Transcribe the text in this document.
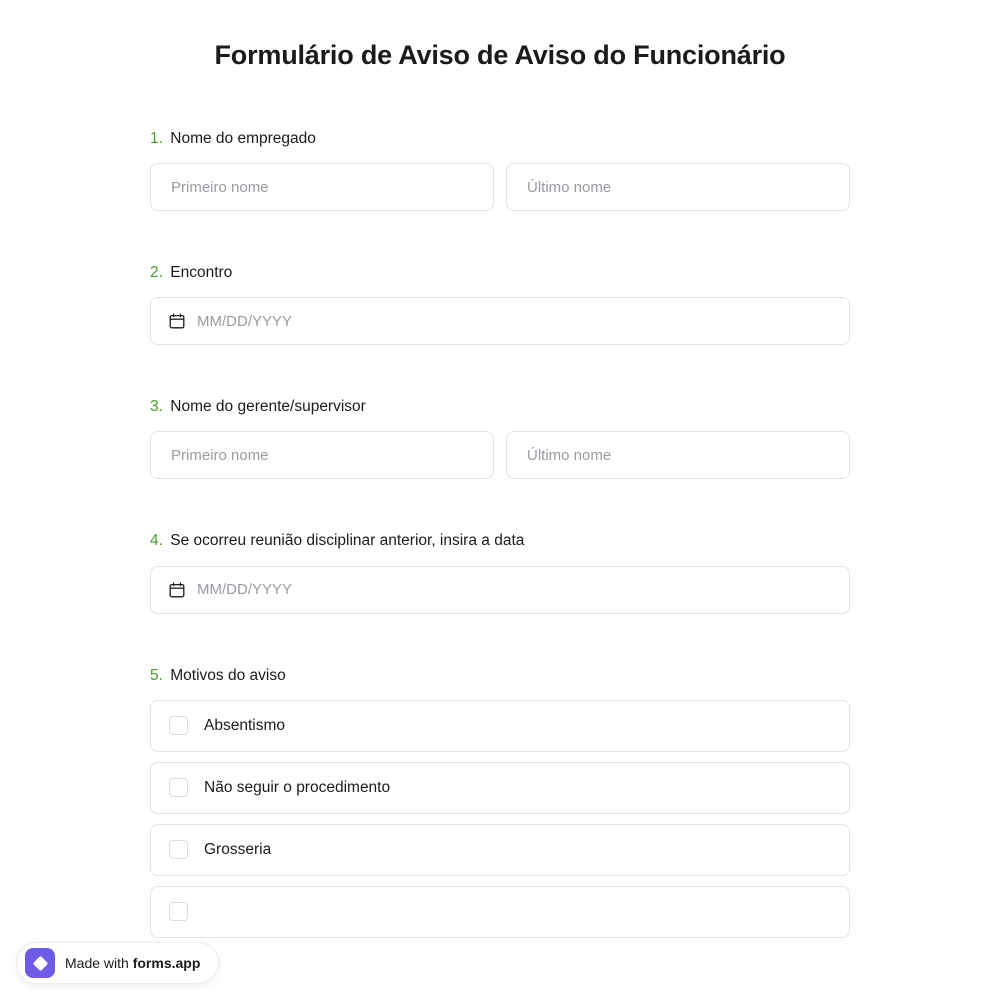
Formulário de Aviso de Aviso do Funcionário
1. Nome do empregado
Primeiro nome	Último nome
2. Encontro
MM/DD/YYYY
3. Nome do gerente/supervisor
Primeiro nome	Último nome
4. Se ocorreu reunião disciplinar anterior, insira a data
MM/DD/YYYY
5. Motivos do aviso
Absentismo
Não seguir o procedimento
Grosseria
Made with forms.app
